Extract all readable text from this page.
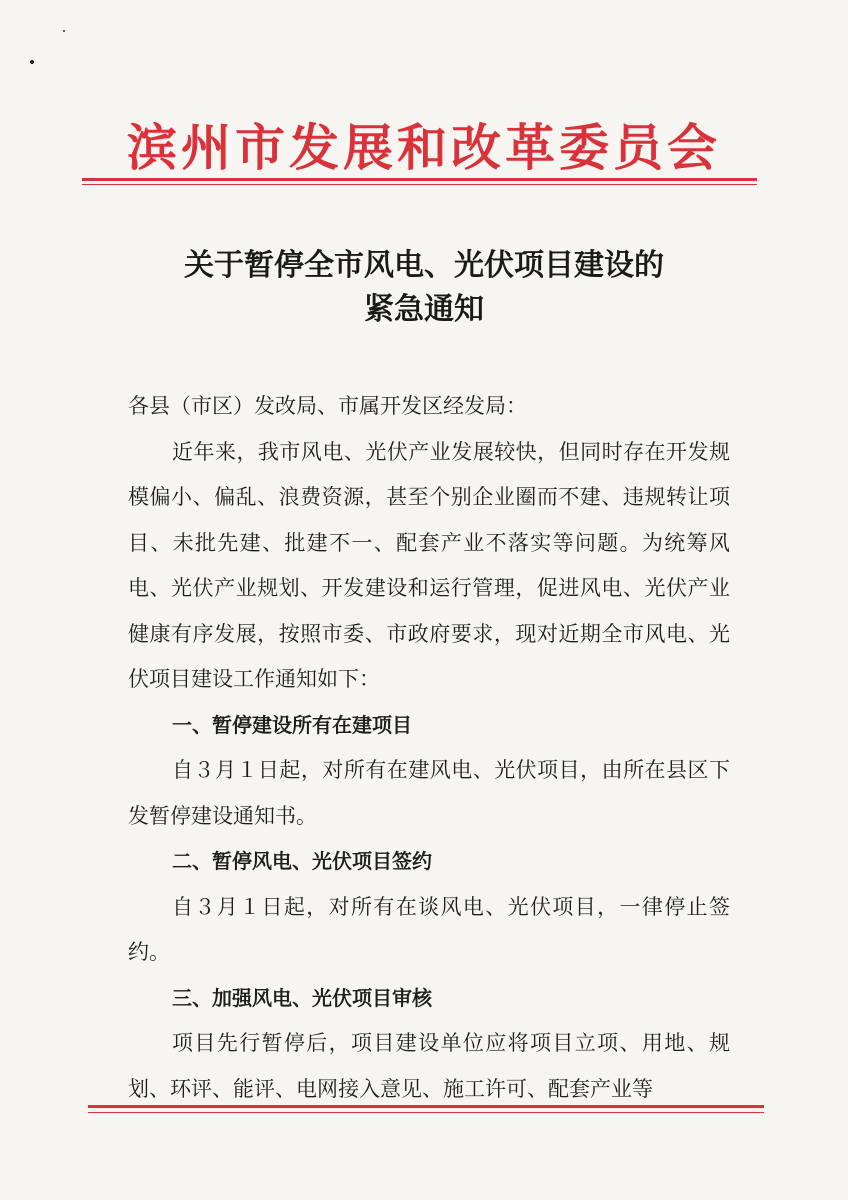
滨州市发展和改革委员会
关于暂停全市风电、光伏项目建设的
紧急通知

各县（市区）发改局、市属开发区经发局：

近年来，我市风电、光伏产业发展较快，但同时存在开发规模偏小、偏乱、浪费资源，甚至个别企业圈而不建、违规转让项目、未批先建、批建不一、配套产业不落实等问题。为统筹风电、光伏产业规划、开发建设和运行管理，促进风电、光伏产业健康有序发展，按照市委、市政府要求，现对近期全市风电、光伏项目建设工作通知如下：

一、暂停建设所有在建项目

自３月１日起，对所有在建风电、光伏项目，由所在县区下发暂停建设通知书。

二、暂停风电、光伏项目签约

自３月１日起，对所有在谈风电、光伏项目，一律停止签约。

三、加强风电、光伏项目审核

项目先行暂停后，项目建设单位应将项目立项、用地、规划、环评、能评、电网接入意见、施工许可、配套产业等
